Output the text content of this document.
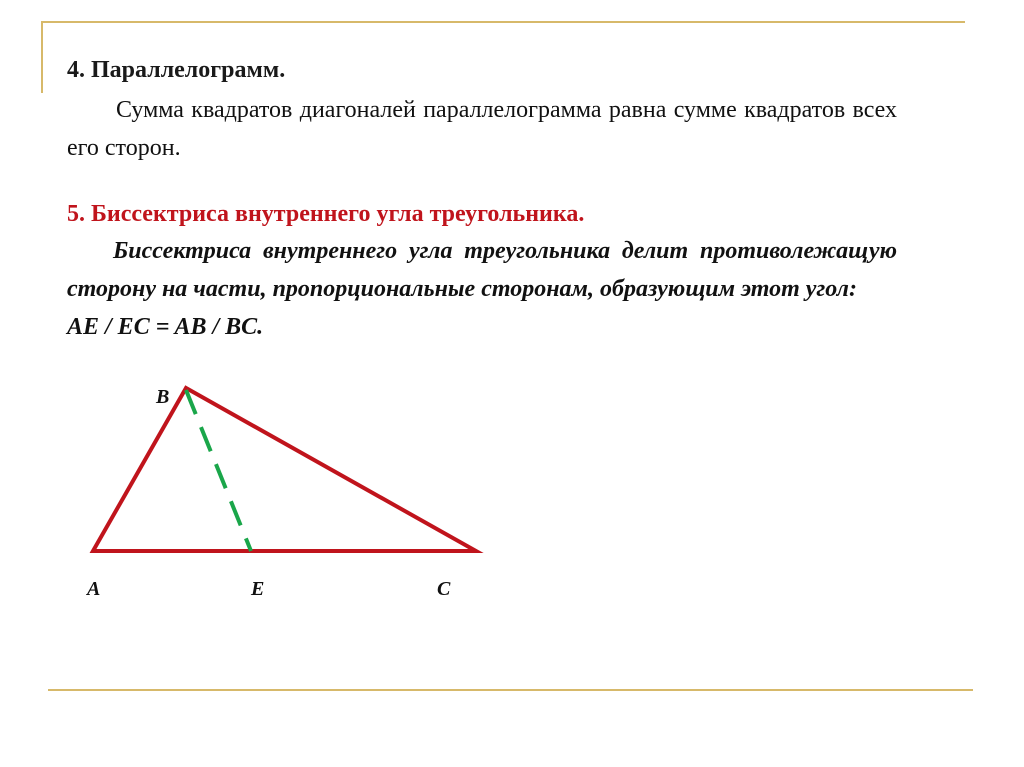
4. Параллелограмм.
Сумма квадратов диагоналей параллелограмма равна сумме квадратов всех его сторон.
5. Биссектриса внутреннего угла треугольника.
Биссектриса внутреннего угла треугольника делит противолежащую сторону на части, пропорциональные сторонам, образующим этот угол:
AE / EC = AB / BC.
B
A	E	C
